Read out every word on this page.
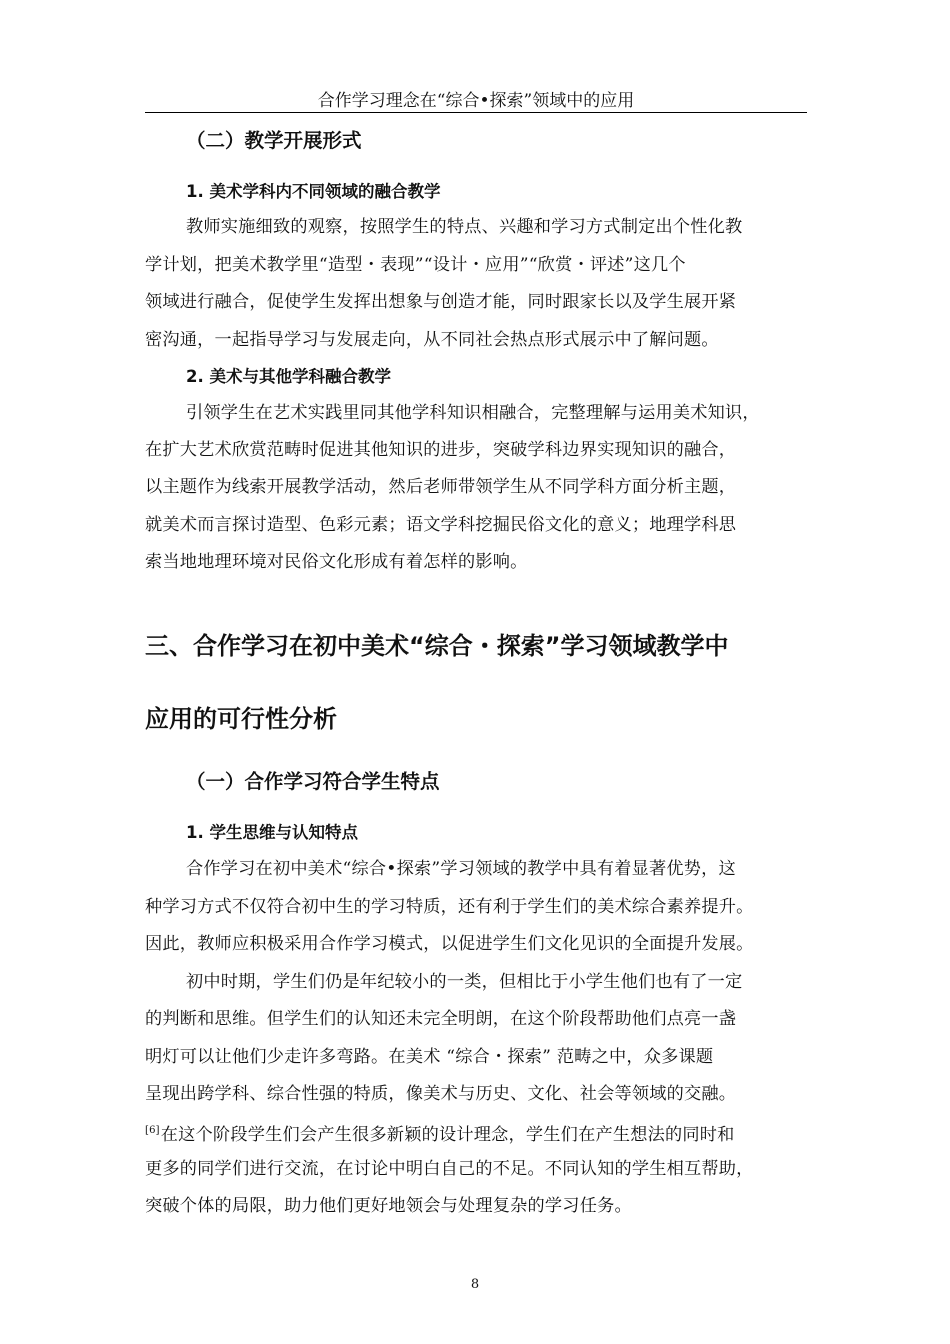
合作学习理念在“综合•探索”领域中的应用
（二）教学开展形式
1. 美术学科内不同领域的融合教学
教师实施细致的观察，按照学生的特点、兴趣和学习方式制定出个性化教
学计划，把美术教学里“造型・表现”“设计・应用”“欣赏・评述”这几个
领域进行融合，促使学生发挥出想象与创造才能，同时跟家长以及学生展开紧
密沟通，一起指导学习与发展走向，从不同社会热点形式展示中了解问题。
2. 美术与其他学科融合教学
引领学生在艺术实践里同其他学科知识相融合，完整理解与运用美术知识，
在扩大艺术欣赏范畴时促进其他知识的进步，突破学科边界实现知识的融合，
以主题作为线索开展教学活动，然后老师带领学生从不同学科方面分析主题，
就美术而言探讨造型、色彩元素；语文学科挖掘民俗文化的意义；地理学科思
索当地地理环境对民俗文化形成有着怎样的影响。
三、合作学习在初中美术“综合・探索”学习领域教学中
应用的可行性分析
（一）合作学习符合学生特点
1. 学生思维与认知特点
合作学习在初中美术“综合•探索”学习领域的教学中具有着显著优势，这
种学习方式不仅符合初中生的学习特质，还有利于学生们的美术综合素养提升。
因此，教师应积极采用合作学习模式，以促进学生们文化见识的全面提升发展。
初中时期，学生们仍是年纪较小的一类，但相比于小学生他们也有了一定
的判断和思维。但学生们的认知还未完全明朗，在这个阶段帮助他们点亮一盏
明灯可以让他们少走许多弯路。在美术 “综合・探索” 范畴之中，众多课题
呈现出跨学科、综合性强的特质，像美术与历史、文化、社会等领域的交融。
[6]在这个阶段学生们会产生很多新颖的设计理念，学生们在产生想法的同时和
更多的同学们进行交流，在讨论中明白自己的不足。不同认知的学生相互帮助，
突破个体的局限，助力他们更好地领会与处理复杂的学习任务。
8
